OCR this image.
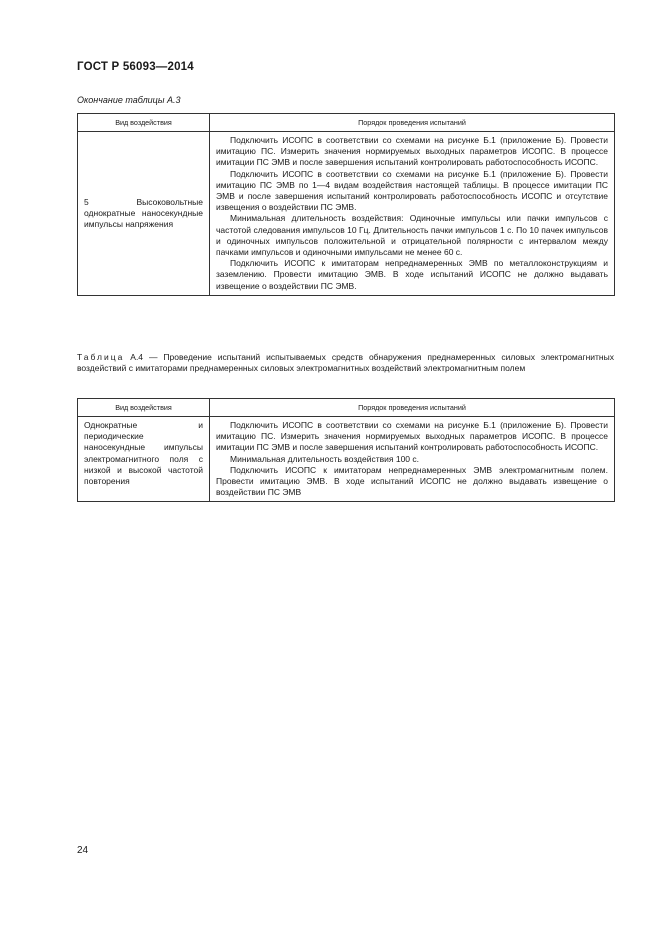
ГОСТ Р 56093—2014
Окончание таблицы А.3
Вид воздействия	Порядок проведения испытаний
5 Высоковольтные однократные наносекундные импульсы напряжения	Подключить ИСОПС в соответствии со схемами на рисунке Б.1 (приложение Б). Провести имитацию ПС. Измерить значения нормируемых выходных параметров ИСОПС. В процессе имитации ПС ЭМВ и после завершения испытаний контролировать работоспособность ИСОПС.

Подключить ИСОПС в соответствии со схемами на рисунке Б.1 (приложение Б). Провести имитацию ПС ЭМВ по 1—4 видам воздействия настоящей таблицы. В процессе имитации ПС ЭМВ и после завершения испытаний контролировать работоспособность ИСОПС и отсутствие извещения о воздействии ПС ЭМВ.

Минимальная длительность воздействия: Одиночные импульсы или пачки импульсов с частотой следования импульсов 10 Гц. Длительность пачки импульсов 1 с. По 10 пачек импульсов и одиночных импульсов положительной и отрицательной полярности с интервалом между пачками импульсов и одиночными импульсами не менее 60 с.

Подключить ИСОПС к имитаторам непреднамеренных ЭМВ по металлоконструкциям и заземлению. Провести имитацию ЭМВ. В ходе испытаний ИСОПС не должно выдавать извещение о воздействии ПС ЭМВ.

Таблица А.4 — Проведение испытаний испытываемых средств обнаружения преднамеренных силовых электромагнитных воздействий с имитаторами преднамеренных силовых электромагнитных воздействий электромагнитным полем
Вид воздействия	Порядок проведения испытаний
Однократные и периодические наносекундные импульсы электромагнитного поля с низкой и высокой частотой повторения	Подключить ИСОПС в соответствии со схемами на рисунке Б.1 (приложение Б). Провести имитацию ПС. Измерить значения нормируемых выходных параметров ИСОПС. В процессе имитации ПС ЭМВ и после завершения испытаний контролировать работоспособность ИСОПС.

Минимальная длительность воздействия 100 с.

Подключить ИСОПС к имитаторам непреднамеренных ЭМВ электромагнитным полем. Провести имитацию ЭМВ. В ходе испытаний ИСОПС не должно выдавать извещение о воздействии ПС ЭМВ

24
